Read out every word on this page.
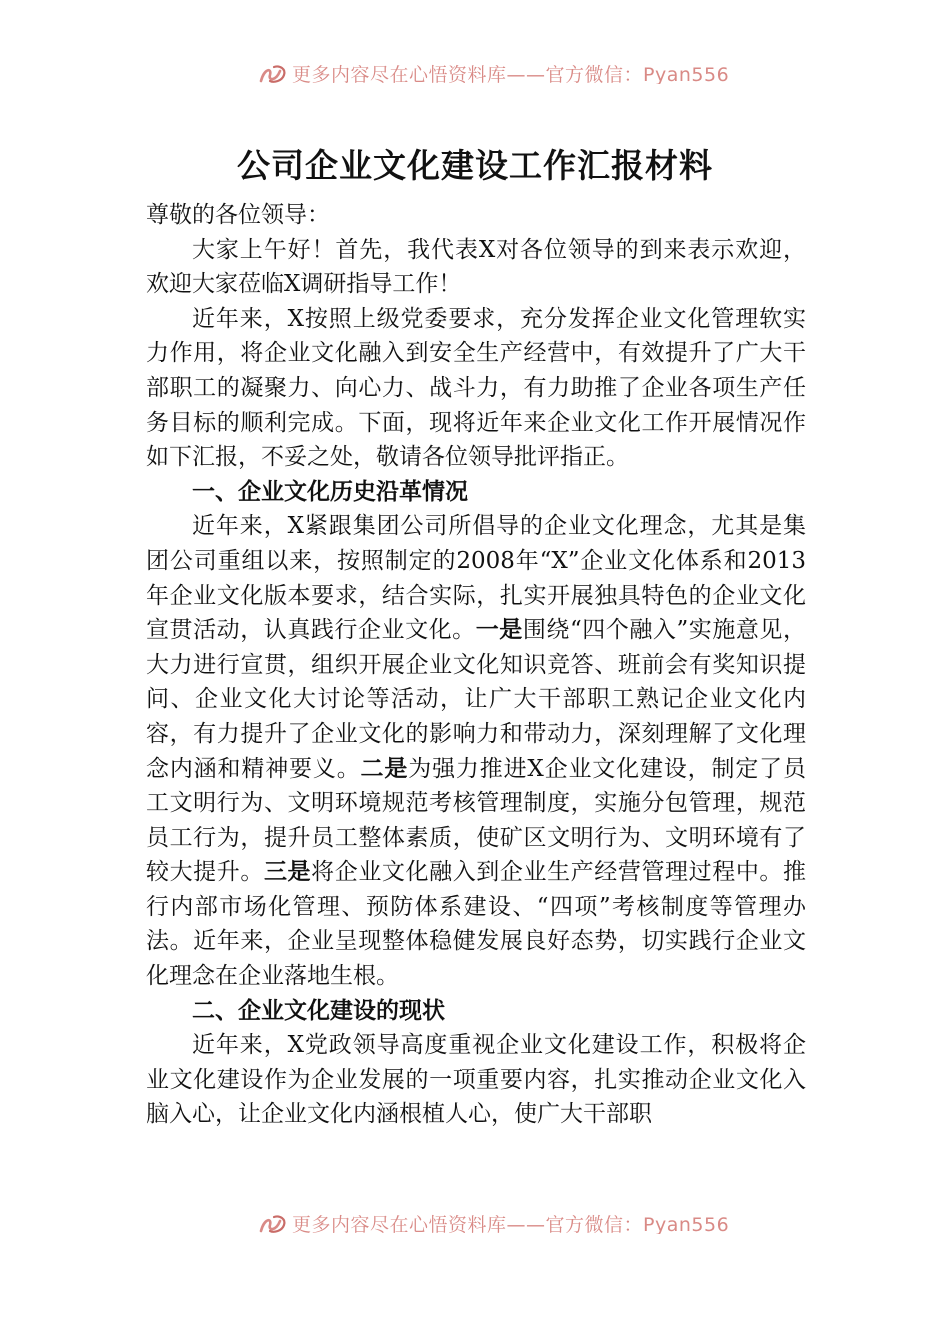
更多内容尽在心悟资料库——官方微信：Pyan556
公司企业文化建设工作汇报材料

尊敬的各位领导：

大家上午好！首先，我代表X对各位领导的到来表示欢迎，欢迎大家莅临X调研指导工作！

近年来，X按照上级党委要求，充分发挥企业文化管理软实力作用，将企业文化融入到安全生产经营中，有效提升了广大干部职工的凝聚力、向心力、战斗力，有力助推了企业各项生产任务目标的顺利完成。下面，现将近年来企业文化工作开展情况作如下汇报，不妥之处，敬请各位领导批评指正。

一、企业文化历史沿革情况

近年来，X紧跟集团公司所倡导的企业文化理念，尤其是集团公司重组以来，按照制定的2008年“X”企业文化体系和2013年企业文化版本要求，结合实际，扎实开展独具特色的企业文化宣贯活动，认真践行企业文化。一是围绕“四个融入”实施意见，大力进行宣贯，组织开展企业文化知识竞答、班前会有奖知识提问、企业文化大讨论等活动，让广大干部职工熟记企业文化内容，有力提升了企业文化的影响力和带动力，深刻理解了文化理念内涵和精神要义。二是为强力推进X企业文化建设，制定了员工文明行为、文明环境规范考核管理制度，实施分包管理，规范员工行为，提升员工整体素质，使矿区文明行为、文明环境有了较大提升。三是将企业文化融入到企业生产经营管理过程中。推行内部市场化管理、预防体系建设、“四项”考核制度等管理办法。近年来，企业呈现整体稳健发展良好态势，切实践行企业文化理念在企业落地生根。

二、企业文化建设的现状

近年来，X党政领导高度重视企业文化建设工作，积极将企业文化建设作为企业发展的一项重要内容，扎实推动企业文化入脑入心，让企业文化内涵根植人心，使广大干部职

更多内容尽在心悟资料库——官方微信：Pyan556
